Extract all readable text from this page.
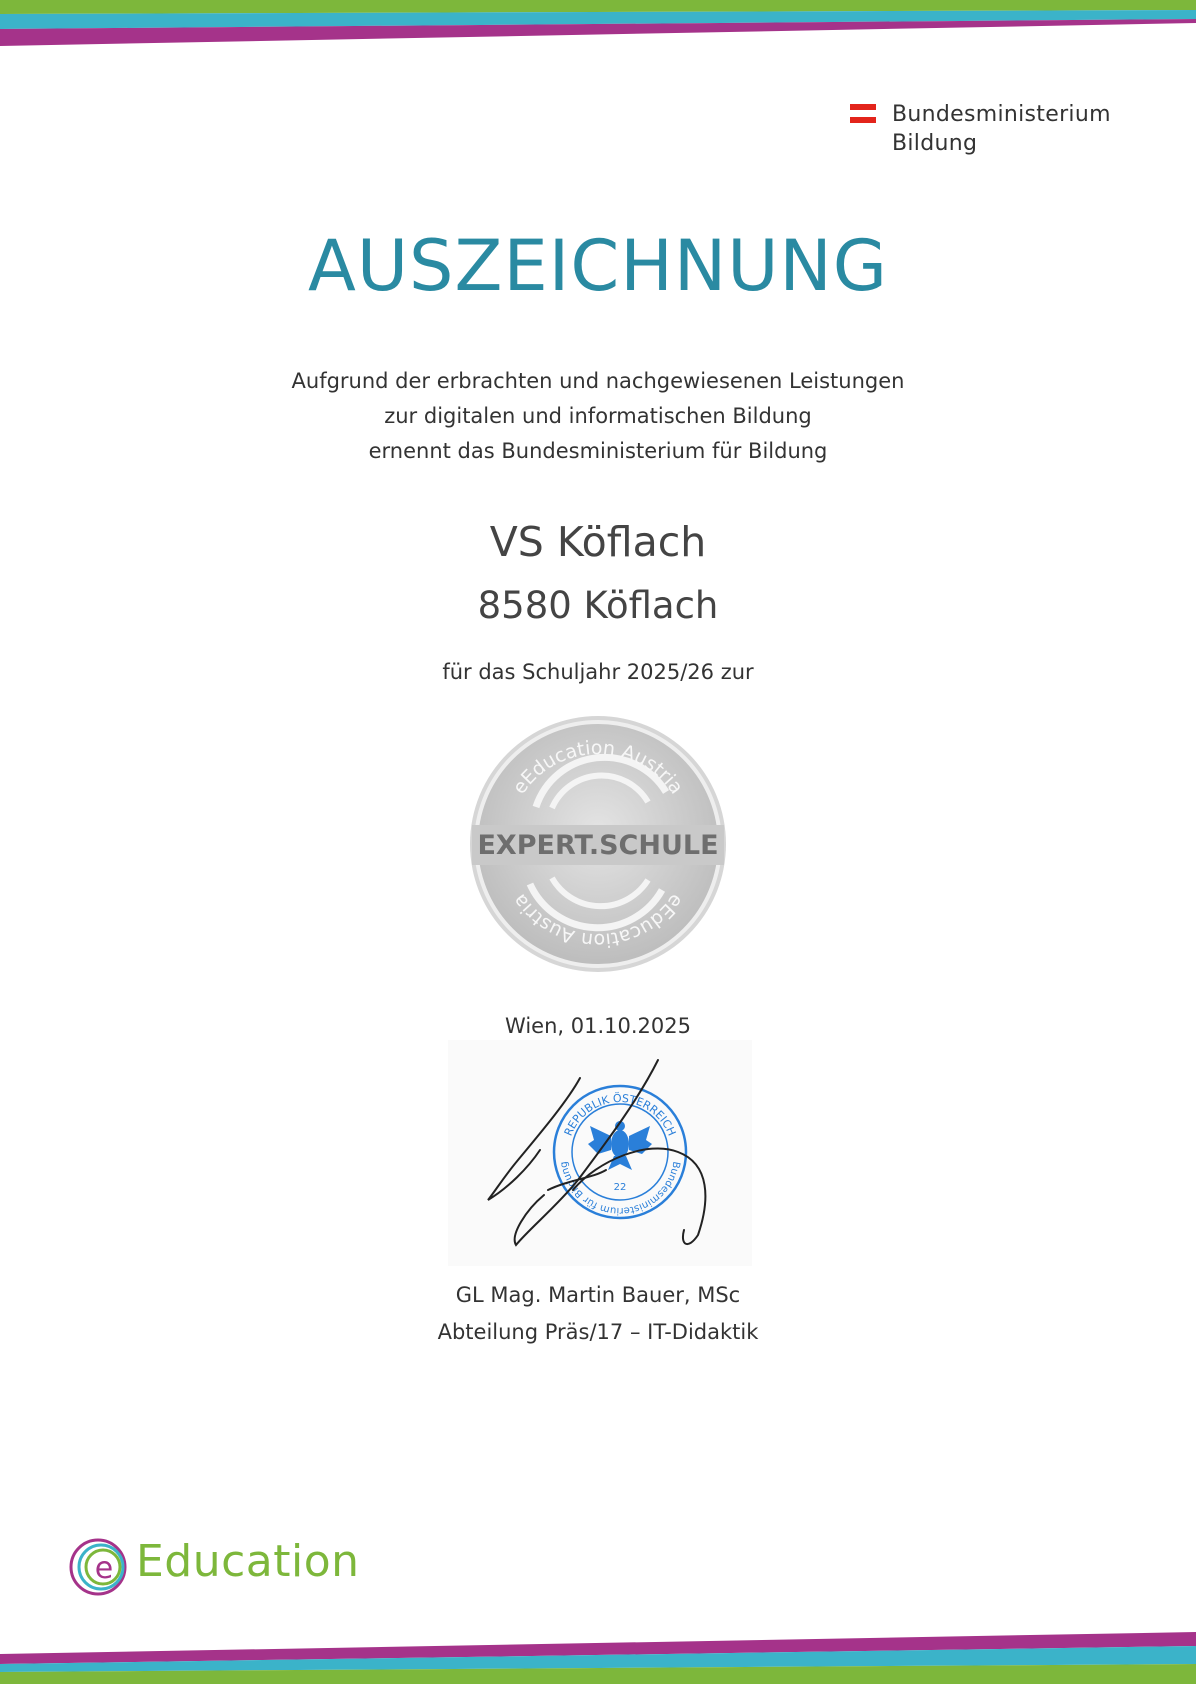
Bundesministerium
Bildung
AUSZEICHNUNG
Aufgrund der erbrachten und nachgewiesenen Leistungen
zur digitalen und informatischen Bildung
ernennt das Bundesministerium für Bildung
VS Köflach
8580 Köflach
für das Schuljahr 2025/26 zur
EXPERT.SCHULE
eEducation Austria
eEducation Austria
Wien, 01.10.2025
REPUBLIK ÖSTERREICH
Bundesministerium für Bildung
22
GL Mag. Martin Bauer, MSc
Abteilung Präs/17 – IT-Didaktik
e Education
